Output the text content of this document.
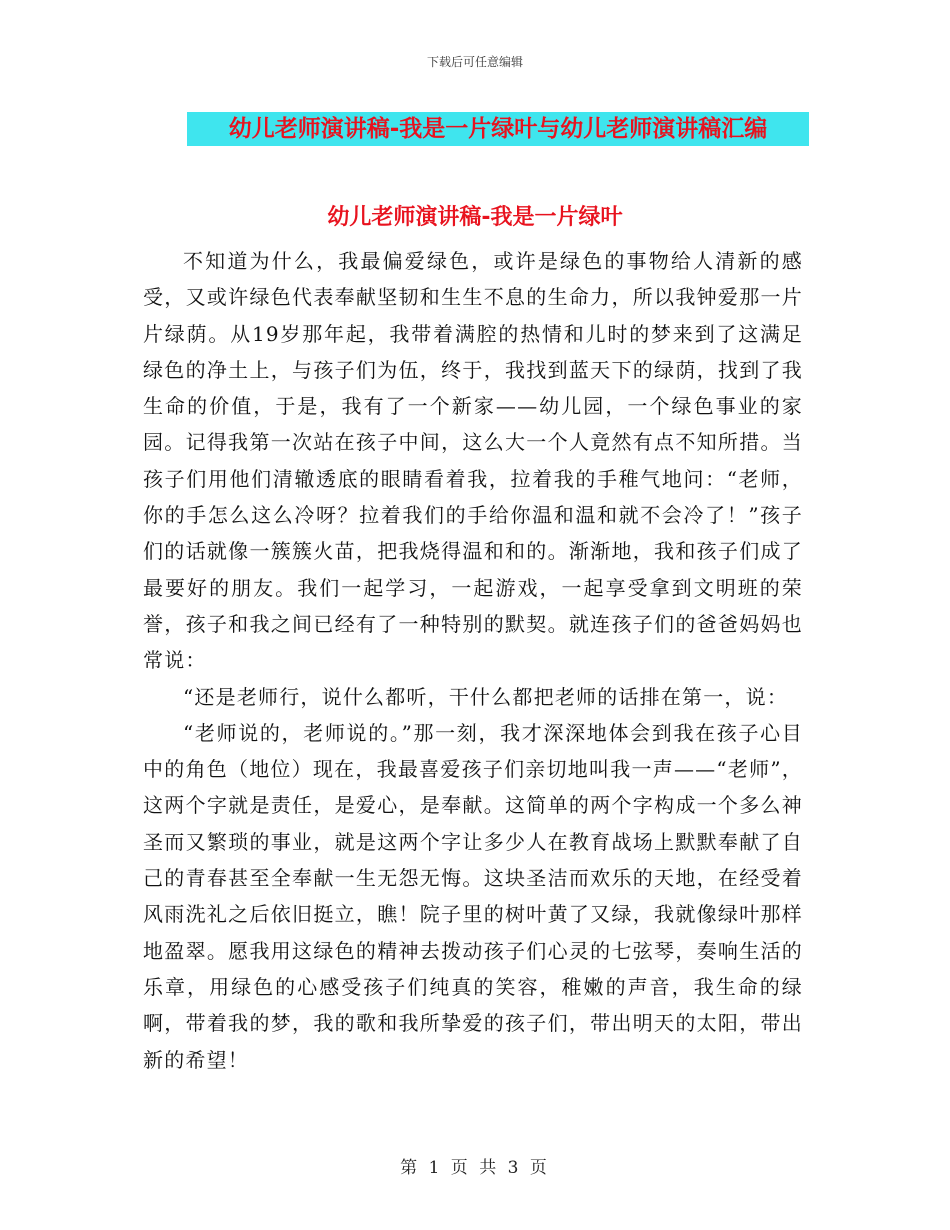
下载后可任意编辑
幼儿老师演讲稿-我是一片绿叶与幼儿老师演讲稿汇编
幼儿老师演讲稿-我是一片绿叶

不知道为什么，我最偏爱绿色，或许是绿色的事物给人清新的感受，又或许绿色代表奉献坚韧和生生不息的生命力，所以我钟爱那一片片绿荫。从19岁那年起，我带着满腔的热情和儿时的梦来到了这满足绿色的净土上，与孩子们为伍，终于，我找到蓝天下的绿荫，找到了我生命的价值，于是，我有了一个新家——幼儿园，一个绿色事业的家园。记得我第一次站在孩子中间，这么大一个人竟然有点不知所措。当孩子们用他们清辙透底的眼睛看着我，拉着我的手稚气地问：“老师，你的手怎么这么冷呀？拉着我们的手给你温和温和就不会冷了！”孩子们的话就像一簇簇火苗，把我烧得温和和的。渐渐地，我和孩子们成了最要好的朋友。我们一起学习，一起游戏，一起享受拿到文明班的荣誉，孩子和我之间已经有了一种特别的默契。就连孩子们的爸爸妈妈也常说：

“还是老师行，说什么都听，干什么都把老师的话排在第一，说：

“老师说的，老师说的。”那一刻，我才深深地体会到我在孩子心目中的角色（地位）现在，我最喜爱孩子们亲切地叫我一声——“老师”，这两个字就是责任，是爱心，是奉献。这简单的两个字构成一个多么神圣而又繁琐的事业，就是这两个字让多少人在教育战场上默默奉献了自己的青春甚至全奉献一生无怨无悔。这块圣洁而欢乐的天地，在经受着风雨洗礼之后依旧挺立，瞧！院子里的树叶黄了又绿，我就像绿叶那样地盈翠。愿我用这绿色的精神去拨动孩子们心灵的七弦琴，奏响生活的乐章，用绿色的心感受孩子们纯真的笑容，稚嫩的声音，我生命的绿啊，带着我的梦，我的歌和我所挚爱的孩子们，带出明天的太阳，带出新的希望！

第 1 页 共 3 页
